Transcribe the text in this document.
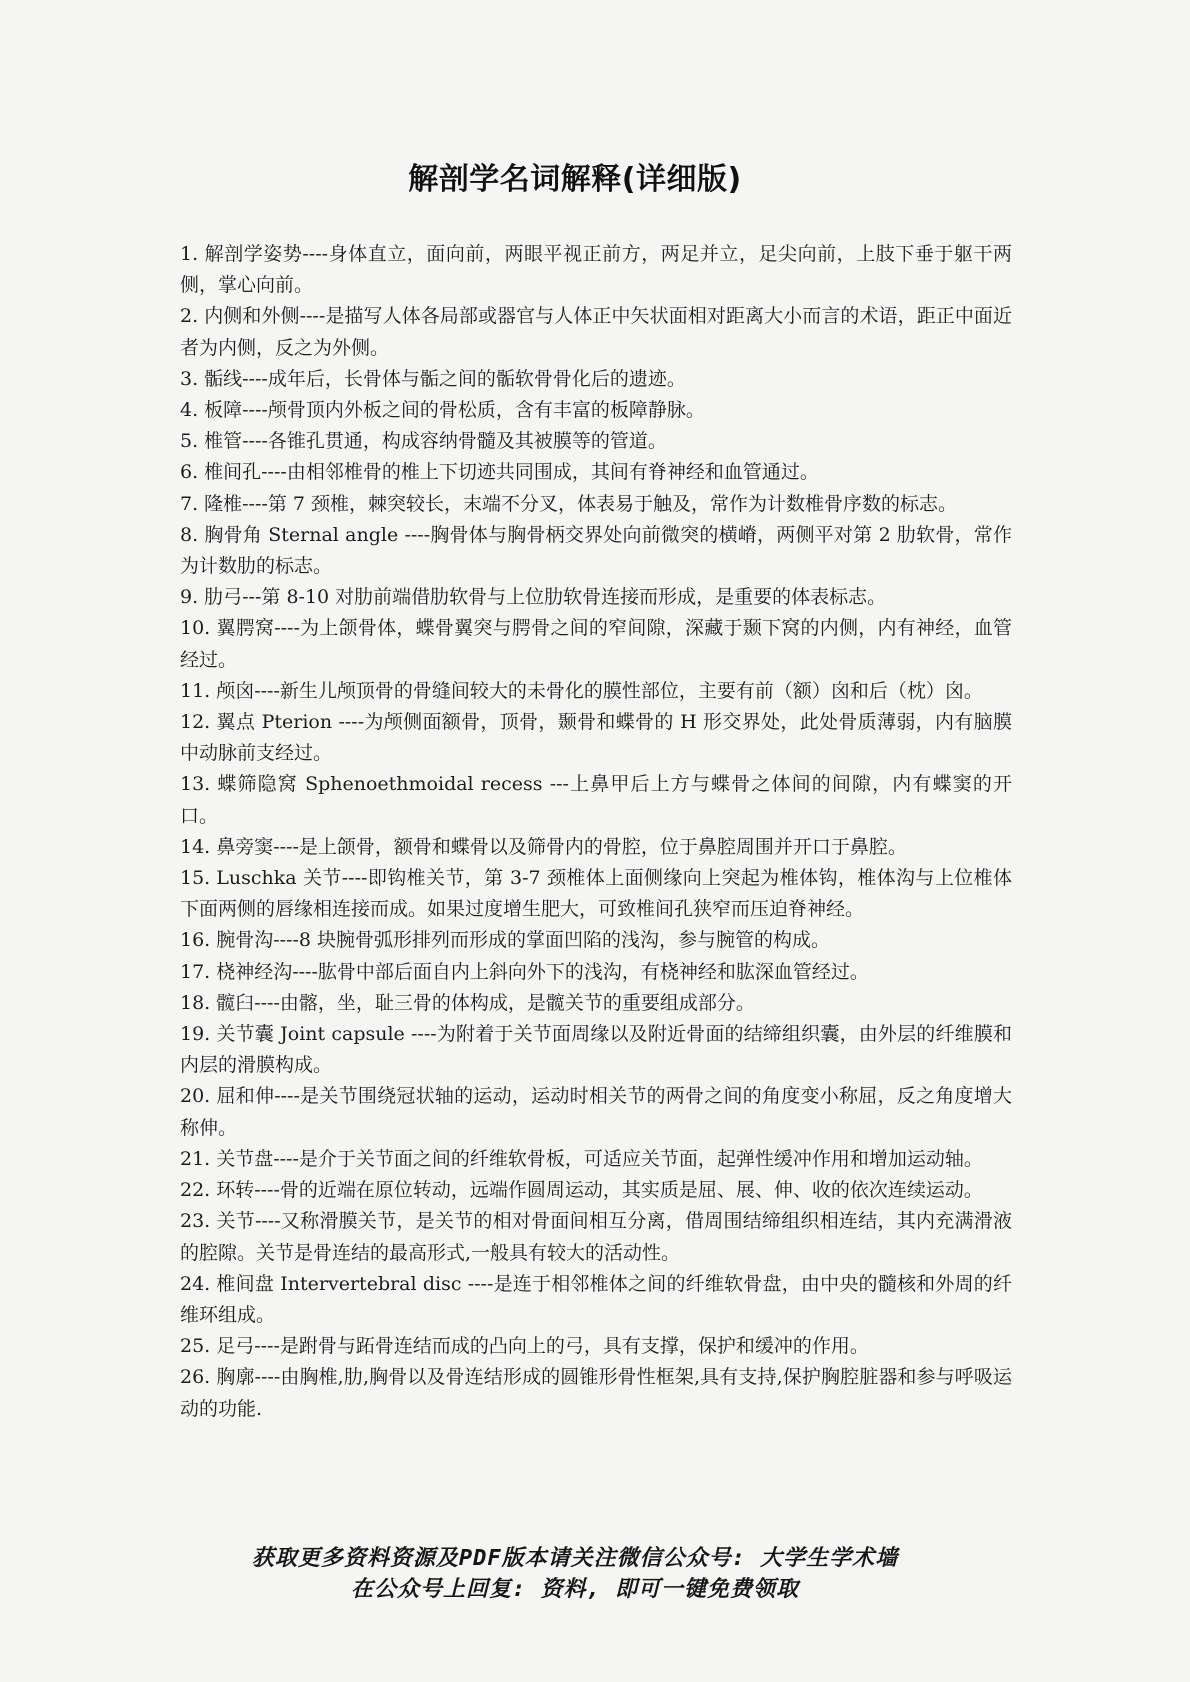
解剖学名词解释(详细版)
1. 解剖学姿势----身体直立，面向前，两眼平视正前方，两足并立，足尖向前，上肢下垂于躯干两侧，掌心向前。
2. 内侧和外侧----是描写人体各局部或器官与人体正中矢状面相对距离大小而言的术语，距正中面近者为内侧，反之为外侧。
3. 骺线----成年后，长骨体与骺之间的骺软骨骨化后的遗迹。
4. 板障----颅骨顶内外板之间的骨松质，含有丰富的板障静脉。
5. 椎管----各锥孔贯通，构成容纳骨髓及其被膜等的管道。
6. 椎间孔----由相邻椎骨的椎上下切迹共同围成，其间有脊神经和血管通过。
7. 隆椎----第 7 颈椎，棘突较长，末端不分叉，体表易于触及，常作为计数椎骨序数的标志。
8. 胸骨角 Sternal angle ----胸骨体与胸骨柄交界处向前微突的横嵴，两侧平对第 2 肋软骨，常作为计数肋的标志。
9. 肋弓---第 8-10 对肋前端借肋软骨与上位肋软骨连接而形成，是重要的体表标志。
10. 翼腭窝----为上颌骨体，蝶骨翼突与腭骨之间的窄间隙，深藏于颞下窝的内侧，内有神经，血管经过。
11. 颅囟----新生儿颅顶骨的骨缝间较大的未骨化的膜性部位，主要有前（额）囟和后（枕）囟。
12. 翼点 Pterion ----为颅侧面额骨，顶骨，颞骨和蝶骨的 H 形交界处，此处骨质薄弱，内有脑膜中动脉前支经过。
13. 蝶筛隐窝 Sphenoethmoidal recess ---上鼻甲后上方与蝶骨之体间的间隙，内有蝶窦的开口。
14. 鼻旁窦----是上颌骨，额骨和蝶骨以及筛骨内的骨腔，位于鼻腔周围并开口于鼻腔。
15. Luschka 关节----即钩椎关节，第 3-7 颈椎体上面侧缘向上突起为椎体钩，椎体沟与上位椎体下面两侧的唇缘相连接而成。如果过度增生肥大，可致椎间孔狭窄而压迫脊神经。
16. 腕骨沟----8 块腕骨弧形排列而形成的掌面凹陷的浅沟，参与腕管的构成。
17. 桡神经沟----肱骨中部后面自内上斜向外下的浅沟，有桡神经和肱深血管经过。
18. 髋臼----由髂，坐，耻三骨的体构成，是髋关节的重要组成部分。
19. 关节囊 Joint capsule ----为附着于关节面周缘以及附近骨面的结缔组织囊，由外层的纤维膜和内层的滑膜构成。
20. 屈和伸----是关节围绕冠状轴的运动，运动时相关节的两骨之间的角度变小称屈，反之角度增大称伸。
21. 关节盘----是介于关节面之间的纤维软骨板，可适应关节面，起弹性缓冲作用和增加运动轴。
22. 环转----骨的近端在原位转动，远端作圆周运动，其实质是屈、展、伸、收的依次连续运动。
23. 关节----又称滑膜关节，是关节的相对骨面间相互分离，借周围结缔组织相连结，其内充满滑液的腔隙。关节是骨连结的最高形式,一般具有较大的活动性。
24. 椎间盘 Intervertebral disc ----是连于相邻椎体之间的纤维软骨盘，由中央的髓核和外周的纤维环组成。
25. 足弓----是跗骨与跖骨连结而成的凸向上的弓，具有支撑，保护和缓冲的作用。
26. 胸廓----由胸椎,肋,胸骨以及骨连结形成的圆锥形骨性框架,具有支持,保护胸腔脏器和参与呼吸运动的功能.
获取更多资料资源及PDF版本请关注微信公众号: 大学生学术墙
在公众号上回复: 资料, 即可一键免费领取
